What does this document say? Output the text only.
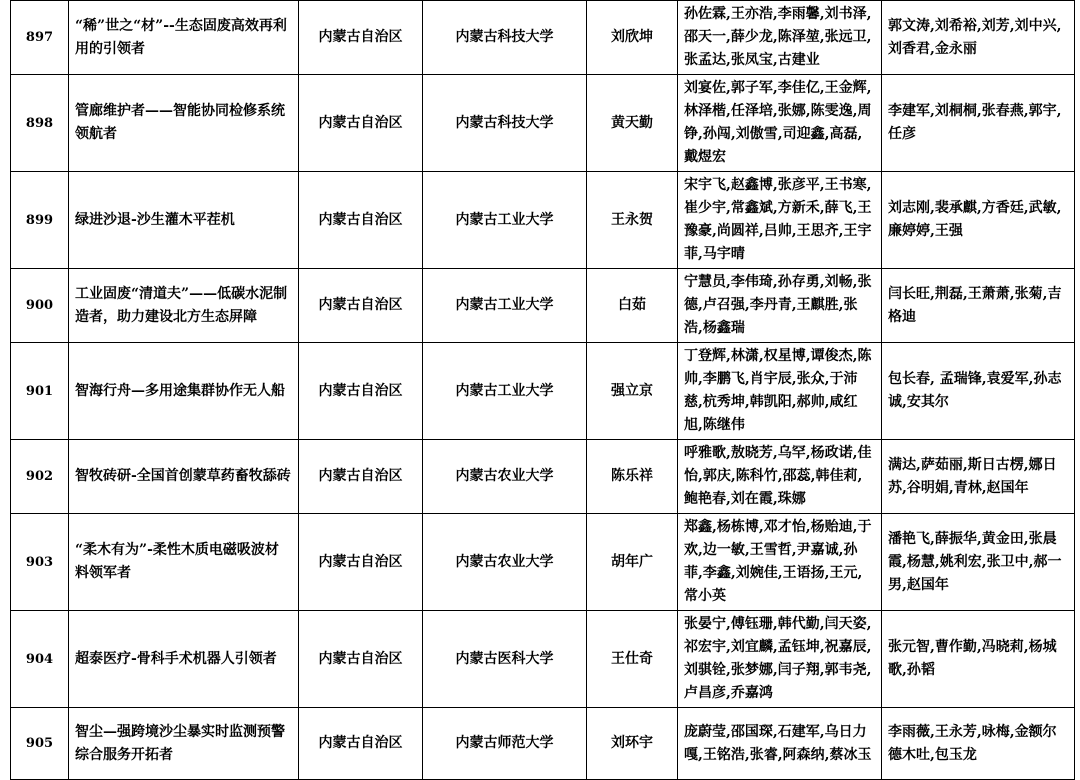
897	“稀”世之“材”--生态固废高效再利用的引领者	内蒙古自治区	内蒙古科技大学	刘欣坤	孙佐霖,王亦浩,李雨馨,刘书泽,邵天一,薛少龙,陈泽堃,张远卫,张孟达,张凤宝,古建业	郭文涛,刘希裕,刘芳,刘中兴,刘香君,金永丽
898	管廊维护者——智能协同检修系统领航者	内蒙古自治区	内蒙古科技大学	黄天勤	刘宴佐,郭子军,李佳亿,王金辉,林泽楷,任泽培,张娜,陈雯逸,周铮,孙闯,刘傲雪,司迎鑫,高磊,戴煜宏	李建军,刘桐桐,张春燕,郭宇,任彦
899	绿进沙退-沙生灌木平茬机	内蒙古自治区	内蒙古工业大学	王永贺	宋宇飞,赵鑫博,张彦平,王书寒,崔少宇,常鑫斌,方新禾,薛飞,王豫豪,尚圆祥,吕帅,王思齐,王宇菲,马宇晴	刘志刚,裴承麒,方香廷,武敏,廉婷婷,王强
900	工业固废“清道夫”——低碳水泥制造者，助力建设北方生态屏障	内蒙古自治区	内蒙古工业大学	白茹	宁慧员,李伟琦,孙存勇,刘畅,张德,卢召强,李丹青,王麒胜,张浩,杨鑫瑞	闫长旺,荆磊,王萧萧,张菊,吉格迪
901	智海行舟—多用途集群协作无人船	内蒙古自治区	内蒙古工业大学	强立京	丁登辉,林潇,权星博,谭俊杰,陈帅,李鹏飞,肖宇辰,张众,于沛慈,杭秀坤,韩凯阳,郝帅,咸红旭,陈继伟	包长春, 孟瑞锋,袁爱军,孙志诚,安其尔
902	智牧砖研-全国首创蒙草药畜牧舔砖	内蒙古自治区	内蒙古农业大学	陈乐祥	呼雅歌,敖晓芳,乌罕,杨政诺,佳怡,郭庆,陈科竹,邵蕊,韩佳莉,鲍艳春,刘在霞,珠娜	满达,萨茹丽,斯日古楞,娜日苏,谷明娟,青林,赵国年
903	“柔木有为”-柔性木质电磁吸波材料领军者	内蒙古自治区	内蒙古农业大学	胡年广	郑鑫,杨栋博,邓才怡,杨贻迪,于欢,边一敏,王雪哲,尹嘉诚,孙菲,李鑫,刘婉佳,王语扬,王元,常小英	潘艳飞,薛振华,黄金田,张晨霞,杨慧,姚利宏,张卫中,郝一男,赵国年
904	超泰医疗-骨科手术机器人引领者	内蒙古自治区	内蒙古医科大学	王仕奇	张晏宁,傅钰珊,韩代勤,闫天姿,祁宏宇,刘宜麟,孟钰坤,祝嘉辰,刘骐铨,张梦娜,闫子翔,郭韦尧,卢昌彦,乔嘉鸿	张元智,曹作勤,冯晓莉,杨城歌,孙韬
905	智尘—强跨境沙尘暴实时监测预警综合服务开拓者	内蒙古自治区	内蒙古师范大学	刘环宇	庞蔚莹,邵国琛,石建军,乌日力嘎,王铭浩,张睿,阿森纳,蔡冰玉	李雨薇,王永芳,咏梅,金额尔德木吐,包玉龙
